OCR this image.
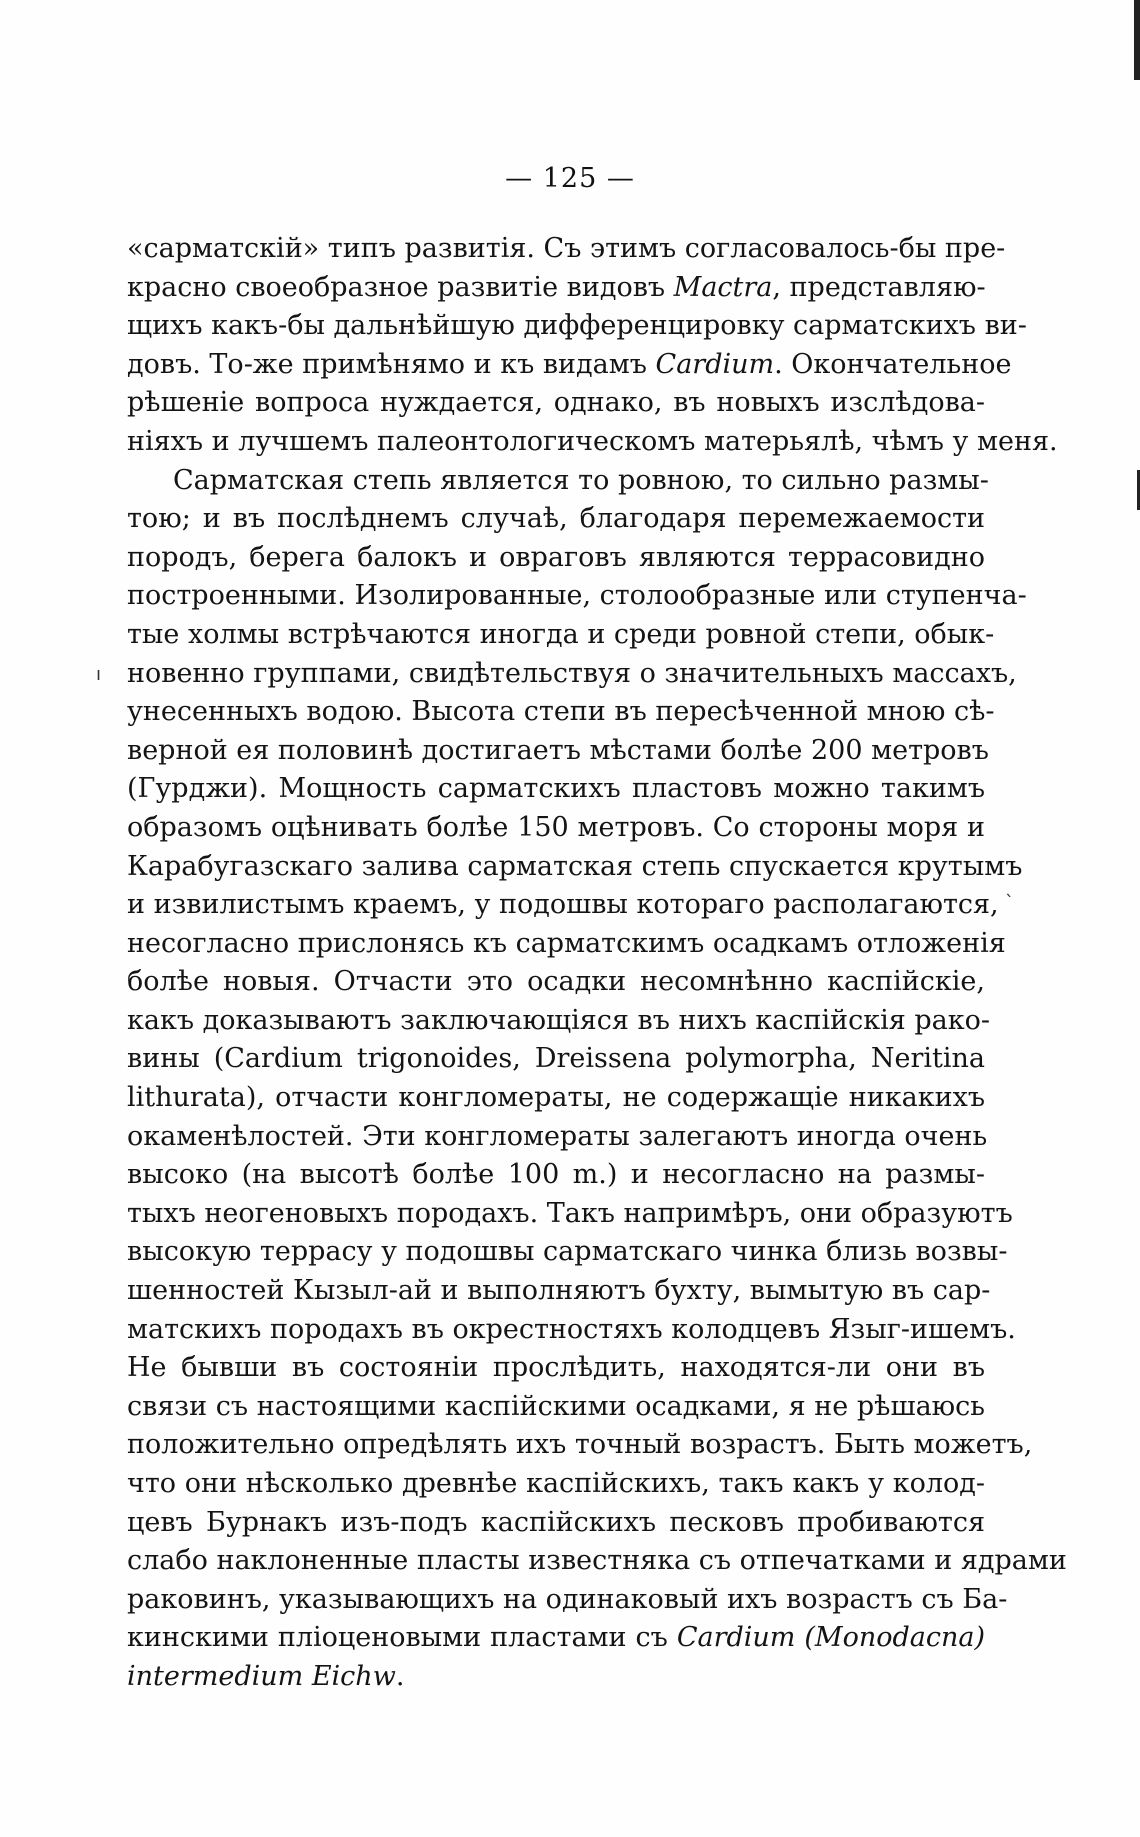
— 125 —
«сарматскій» типъ развитія. Съ этимъ согласовалось-бы пре-
красно своеобразное развитіе видовъ Mactra, представляю-
щихъ какъ-бы дальнѣйшую дифференцировку сарматскихъ ви-
довъ. То-же примѣнямо и къ видамъ Cardium. Окончательное
рѣшеніе вопроса нуждается, однако, въ новыхъ изслѣдова-
ніяхъ и лучшемъ палеонтологическомъ матерьялѣ, чѣмъ у меня.
Сарматская степь является то ровною, то сильно размы-
тою; и въ послѣднемъ случаѣ, благодаря перемежаемости
породъ, берега балокъ и овраговъ являются террасовидно
построенными. Изолированные, столообразные или ступенча-
тые холмы встрѣчаются иногда и среди ровной степи, обык-
новенно группами, свидѣтельствуя о значительныхъ массахъ,
унесенныхъ водою. Высота степи въ пересѣченной мною сѣ-
верной ея половинѣ достигаетъ мѣстами болѣе 200 метровъ
(Гурджи). Мощность сарматскихъ пластовъ можно такимъ
образомъ оцѣнивать болѣе 150 метровъ. Со стороны моря и
Карабугазскаго залива сарматская степь спускается крутымъ
и извилистымъ краемъ, у подошвы котораго располагаются,
несогласно прислонясь къ сарматскимъ осадкамъ отложенія
болѣе новыя. Отчасти это осадки несомнѣнно каспійскіе,
какъ доказываютъ заключающіяся въ нихъ каспійскія рако-
вины (Cardium trigonoides, Dreissena polymorpha, Neritina
lithurata), отчасти конгломераты, не содержащіе никакихъ
окаменѣлостей. Эти конгломераты залегаютъ иногда очень
высоко (на высотѣ болѣе 100 m.) и несогласно на размы-
тыхъ неогеновыхъ породахъ. Такъ напримѣръ, они образуютъ
высокую террасу у подошвы сарматскаго чинка близь возвы-
шенностей Кызыл-ай и выполняютъ бухту, вымытую въ сар-
матскихъ породахъ въ окрестностяхъ колодцевъ Языг-ишемъ.
Не бывши въ состояніи прослѣдить, находятся-ли они въ
связи съ настоящими каспійскими осадками, я не рѣшаюсь
положительно опредѣлять ихъ точный возрастъ. Быть можетъ,
что они нѣсколько древнѣе каспійскихъ, такъ какъ у колод-
цевъ Бурнакъ изъ-подъ каспійскихъ песковъ пробиваются
слабо наклоненные пласты известняка съ отпечатками и ядрами
раковинъ, указывающихъ на одинаковый ихъ возрастъ съ Ба-
кинскими пліоценовыми пластами съ Cardium (Monodacna)
intermedium Eichw.
ı
ˋ
